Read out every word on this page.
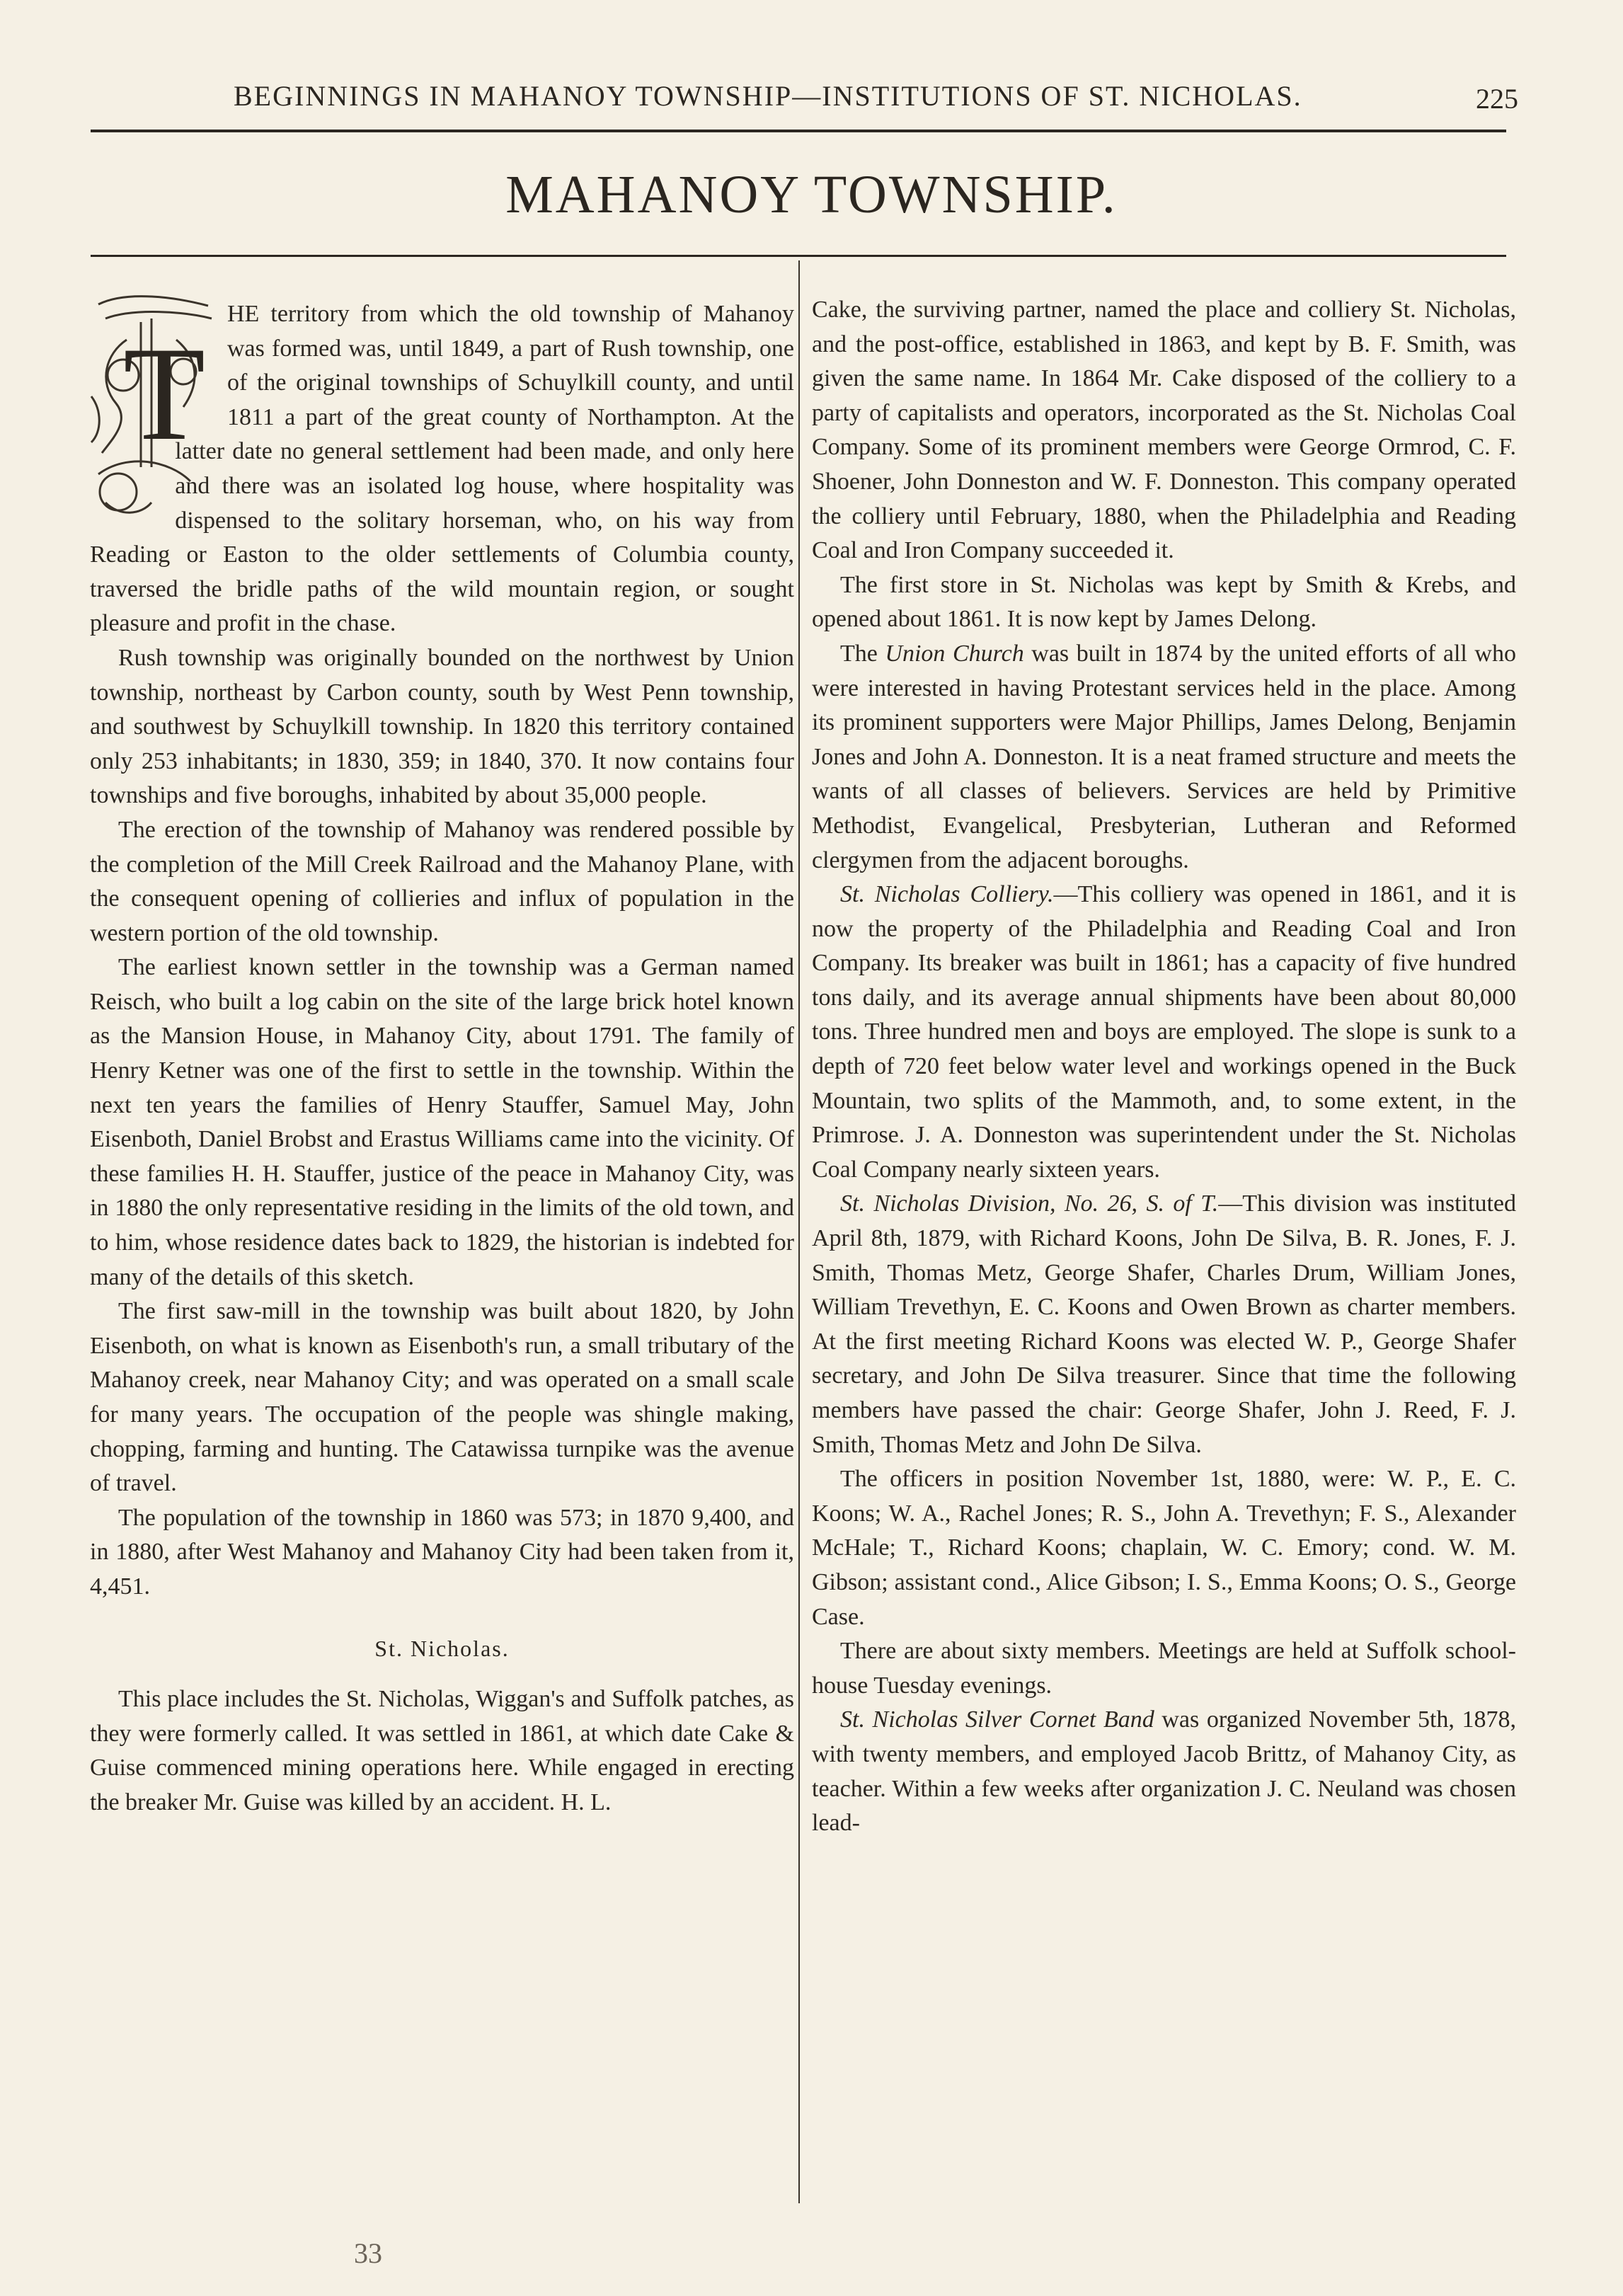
BEGINNINGS IN MAHANOY TOWNSHIP—INSTITUTIONS OF ST. NICHOLAS.	225
MAHANOY TOWNSHIP.
T

HE territory from which the old township of Mahanoy was formed was, until 1849, a part of Rush township, one of the original townships of Schuylkill county, and until 1811 a part of the great county of Northampton. At the latter date no general settlement had been made, and only here and there was an isolated log house, where hospitality was dispensed to the solitary horseman, who, on his way from Reading or Easton to the older settlements of Columbia county, traversed the bridle paths of the wild mountain region, or sought pleasure and profit in the chase.

Rush township was originally bounded on the northwest by Union township, northeast by Carbon county, south by West Penn township, and southwest by Schuylkill township. In 1820 this territory contained only 253 inhabitants; in 1830, 359; in 1840, 370. It now contains four townships and five boroughs, inhabited by about 35,000 people.

The erection of the township of Mahanoy was rendered possible by the completion of the Mill Creek Railroad and the Mahanoy Plane, with the consequent opening of collieries and influx of population in the western portion of the old township.

The earliest known settler in the township was a German named Reisch, who built a log cabin on the site of the large brick hotel known as the Mansion House, in Mahanoy City, about 1791. The family of Henry Ketner was one of the first to settle in the township. Within the next ten years the families of Henry Stauffer, Samuel May, John Eisenboth, Daniel Brobst and Erastus Williams came into the vicinity. Of these families H. H. Stauffer, justice of the peace in Mahanoy City, was in 1880 the only representative residing in the limits of the old town, and to him, whose residence dates back to 1829, the historian is indebted for many of the details of this sketch.

The first saw-mill in the township was built about 1820, by John Eisenboth, on what is known as Eisenboth's run, a small tributary of the Mahanoy creek, near Mahanoy City; and was operated on a small scale for many years. The occupation of the people was shingle making, chopping, farming and hunting. The Catawissa turnpike was the avenue of travel.

The population of the township in 1860 was 573; in 1870 9,400, and in 1880, after West Mahanoy and Mahanoy City had been taken from it, 4,451.

St. Nicholas.

This place includes the St. Nicholas, Wiggan's and Suffolk patches, as they were formerly called. It was settled in 1861, at which date Cake & Guise commenced mining operations here. While engaged in erecting the breaker Mr. Guise was killed by an accident. H. L.

Cake, the surviving partner, named the place and colliery St. Nicholas, and the post-office, established in 1863, and kept by B. F. Smith, was given the same name. In 1864 Mr. Cake disposed of the colliery to a party of capitalists and operators, incorporated as the St. Nicholas Coal Company. Some of its prominent members were George Ormrod, C. F. Shoener, John Donneston and W. F. Donneston. This company operated the colliery until February, 1880, when the Philadelphia and Reading Coal and Iron Company succeeded it.

The first store in St. Nicholas was kept by Smith & Krebs, and opened about 1861. It is now kept by James Delong.

The Union Church was built in 1874 by the united efforts of all who were interested in having Protestant services held in the place. Among its prominent supporters were Major Phillips, James Delong, Benjamin Jones and John A. Donneston. It is a neat framed structure and meets the wants of all classes of believers. Services are held by Primitive Methodist, Evangelical, Presbyterian, Lutheran and Reformed clergymen from the adjacent boroughs.

St. Nicholas Colliery.—This colliery was opened in 1861, and it is now the property of the Philadelphia and Reading Coal and Iron Company. Its breaker was built in 1861; has a capacity of five hundred tons daily, and its average annual shipments have been about 80,000 tons. Three hundred men and boys are employed. The slope is sunk to a depth of 720 feet below water level and workings opened in the Buck Mountain, two splits of the Mammoth, and, to some extent, in the Primrose. J. A. Donneston was superintendent under the St. Nicholas Coal Company nearly sixteen years.

St. Nicholas Division, No. 26, S. of T.—This division was instituted April 8th, 1879, with Richard Koons, John De Silva, B. R. Jones, F. J. Smith, Thomas Metz, George Shafer, Charles Drum, William Jones, William Trevethyn, E. C. Koons and Owen Brown as charter members. At the first meeting Richard Koons was elected W. P., George Shafer secretary, and John De Silva treasurer. Since that time the following members have passed the chair: George Shafer, John J. Reed, F. J. Smith, Thomas Metz and John De Silva.

The officers in position November 1st, 1880, were: W. P., E. C. Koons; W. A., Rachel Jones; R. S., John A. Trevethyn; F. S., Alexander McHale; T., Richard Koons; chaplain, W. C. Emory; cond. W. M. Gibson; assistant cond., Alice Gibson; I. S., Emma Koons; O. S., George Case.

There are about sixty members. Meetings are held at Suffolk school-house Tuesday evenings.

St. Nicholas Silver Cornet Band was organized November 5th, 1878, with twenty members, and employed Jacob Brittz, of Mahanoy City, as teacher. Within a few weeks after organization J. C. Neuland was chosen lead-

33
